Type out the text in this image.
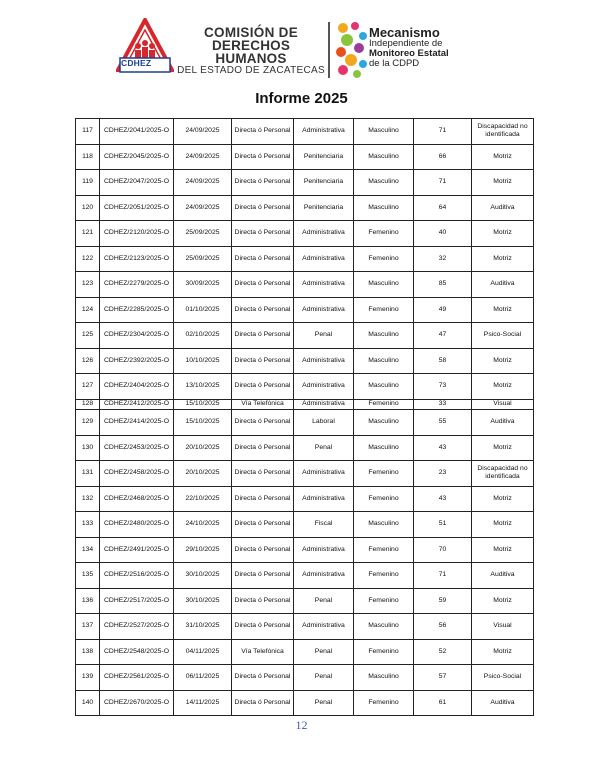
CDHEZ
COMISIÓN DE
DERECHOS HUMANOS
DEL ESTADO DE ZACATECAS
Mecanismo
Independiente de
Monitoreo Estatal
de la CDPD
Informe 2025
117	CDHEZ/2041/2025-O	24/09/2025	Directa ó Personal	Administrativa	Masculino	71	Discapacidad no identificada
118	CDHEZ/2045/2025-O	24/09/2025	Directa ó Personal	Penitenciaria	Masculino	66	Motriz
119	CDHEZ/2047/2025-O	24/09/2025	Directa ó Personal	Penitenciaria	Masculino	71	Motriz
120	CDHEZ/2051/2025-O	24/09/2025	Directa ó Personal	Penitenciaria	Masculino	64	Auditiva
121	CDHEZ/2120/2025-O	25/09/2025	Directa ó Personal	Administrativa	Femenino	40	Motriz
122	CDHEZ/2123/2025-O	25/09/2025	Directa ó Personal	Administrativa	Femenino	32	Motriz
123	CDHEZ/2279/2025-O	30/09/2025	Directa ó Personal	Administrativa	Masculino	85	Auditiva
124	CDHEZ/2285/2025-O	01/10/2025	Directa ó Personal	Administrativa	Femenino	49	Motriz
125	CDHEZ/2304/2025-O	02/10/2025	Directa ó Personal	Penal	Masculino	47	Psico-Social
126	CDHEZ/2392/2025-O	10/10/2025	Directa ó Personal	Administrativa	Masculino	58	Motriz
127	CDHEZ/2404/2025-O	13/10/2025	Directa ó Personal	Administrativa	Masculino	73	Motriz
128	CDHEZ/2412/2025-O	15/10/2025	Vía Telefónica	Administrativa	Femenino	33	Visual
129	CDHEZ/2414/2025-O	15/10/2025	Directa ó Personal	Laboral	Masculino	55	Auditiva
130	CDHEZ/2453/2025-O	20/10/2025	Directa ó Personal	Penal	Masculino	43	Motriz
131	CDHEZ/2458/2025-O	20/10/2025	Directa ó Personal	Administrativa	Femenino	23	Discapacidad no identificada
132	CDHEZ/2468/2025-O	22/10/2025	Directa ó Personal	Administrativa	Femenino	43	Motriz
133	CDHEZ/2480/2025-O	24/10/2025	Directa ó Personal	Fiscal	Masculino	51	Motriz
134	CDHEZ/2491/2025-O	29/10/2025	Directa ó Personal	Administrativa	Femenino	70	Motriz
135	CDHEZ/2516/2025-O	30/10/2025	Directa ó Personal	Administrativa	Femenino	71	Auditiva
136	CDHEZ/2517/2025-O	30/10/2025	Directa ó Personal	Penal	Femenino	59	Motriz
137	CDHEZ/2527/2025-O	31/10/2025	Directa ó Personal	Administrativa	Masculino	56	Visual
138	CDHEZ/2548/2025-O	04/11/2025	Vía Telefónica	Penal	Femenino	52	Motriz
139	CDHEZ/2561/2025-O	06/11/2025	Directa ó Personal	Penal	Masculino	57	Psico-Social
140	CDHEZ/2670/2025-O	14/11/2025	Directa ó Personal	Penal	Femenino	61	Auditiva
12
